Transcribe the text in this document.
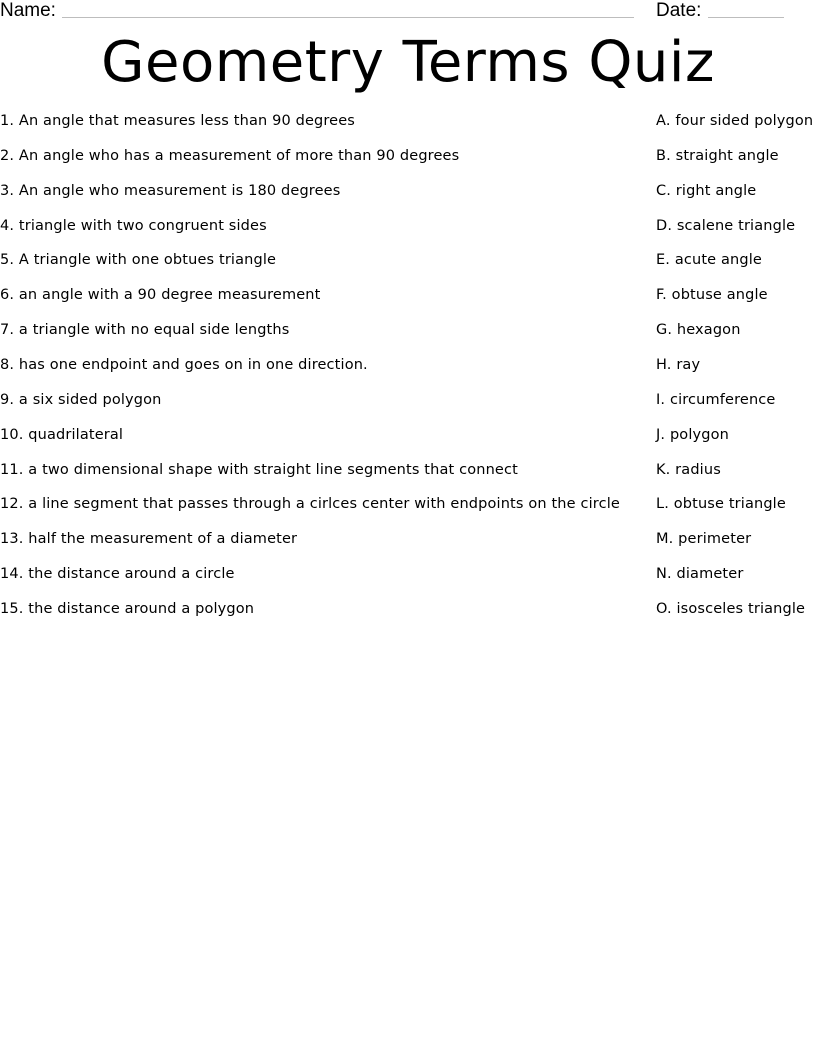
Name:	Date:
Geometry Terms Quiz
1. An angle that measures less than 90 degrees
2. An angle who has a measurement of more than 90 degrees
3. An angle who measurement is 180 degrees
4. triangle with two congruent sides
5. A triangle with one obtues triangle
6. an angle with a 90 degree measurement
7. a triangle with no equal side lengths
8. has one endpoint and goes on in one direction.
9. a six sided polygon
10. quadrilateral
11. a two dimensional shape with straight line segments that connect
12. a line segment that passes through a cirlces center with endpoints on the circle
13. half the measurement of a diameter
14. the distance around a circle
15. the distance around a polygon
A. four sided polygon
B. straight angle
C. right angle
D. scalene triangle
E. acute angle
F. obtuse angle
G. hexagon
H. ray
I. circumference
J. polygon
K. radius
L. obtuse triangle
M. perimeter
N. diameter
O. isosceles triangle
